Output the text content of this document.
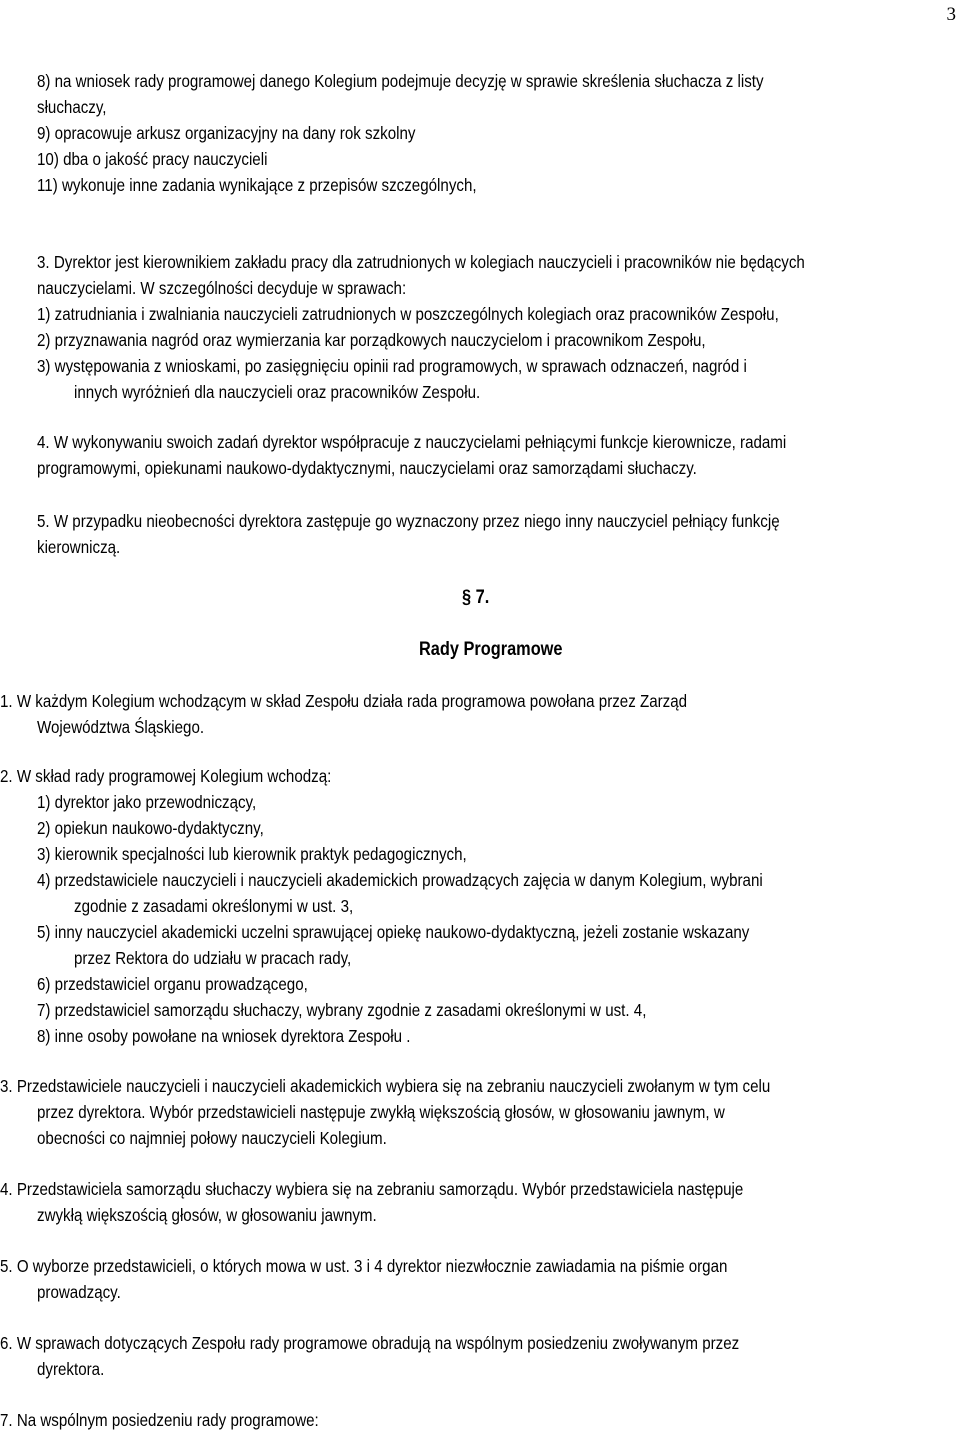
3
8) na wniosek rady programowej danego Kolegium podejmuje decyzję w sprawie skreślenia słuchacza z listy
słuchaczy,
9) opracowuje arkusz organizacyjny na dany rok szkolny
10) dba o jakość pracy nauczycieli
11) wykonuje inne zadania wynikające z przepisów szczególnych,
3. Dyrektor jest kierownikiem zakładu pracy dla zatrudnionych w kolegiach nauczycieli i pracowników nie będących
nauczycielami. W szczególności decyduje w sprawach:
1) zatrudniania i zwalniania nauczycieli zatrudnionych w poszczególnych kolegiach oraz pracowników Zespołu,
2) przyznawania nagród oraz wymierzania kar porządkowych nauczycielom i pracownikom Zespołu,
3) występowania z wnioskami, po zasięgnięciu opinii rad programowych, w sprawach odznaczeń, nagród i
innych wyróżnień dla nauczycieli oraz pracowników Zespołu.
4. W wykonywaniu swoich zadań dyrektor współpracuje z nauczycielami pełniącymi funkcje kierownicze, radami
programowymi, opiekunami naukowo-dydaktycznymi, nauczycielami oraz samorządami słuchaczy.
5. W przypadku nieobecności dyrektora zastępuje go wyznaczony przez niego inny nauczyciel pełniący funkcję
kierowniczą.
§ 7.
Rady Programowe
1. W każdym Kolegium wchodzącym w skład Zespołu działa rada programowa powołana przez Zarząd
Województwa Śląskiego.
2. W skład rady programowej Kolegium wchodzą:
1) dyrektor jako przewodniczący,
2) opiekun naukowo-dydaktyczny,
3) kierownik specjalności lub kierownik praktyk pedagogicznych,
4) przedstawiciele nauczycieli i nauczycieli akademickich prowadzących zajęcia w danym Kolegium, wybrani
zgodnie z zasadami określonymi w ust. 3,
5) inny nauczyciel akademicki uczelni sprawującej opiekę naukowo-dydaktyczną, jeżeli zostanie wskazany
przez Rektora do udziału w pracach rady,
6) przedstawiciel organu prowadzącego,
7) przedstawiciel samorządu słuchaczy, wybrany zgodnie z zasadami określonymi w ust. 4,
8) inne osoby powołane na wniosek dyrektora Zespołu .
3. Przedstawiciele nauczycieli i nauczycieli akademickich wybiera się na zebraniu nauczycieli zwołanym w tym celu
przez dyrektora. Wybór przedstawicieli następuje zwykłą większością głosów, w głosowaniu jawnym, w
obecności co najmniej połowy nauczycieli Kolegium.
4. Przedstawiciela samorządu słuchaczy wybiera się na zebraniu samorządu. Wybór przedstawiciela następuje
zwykłą większością głosów, w głosowaniu jawnym.
5. O wyborze przedstawicieli, o których mowa w ust. 3 i 4 dyrektor niezwłocznie zawiadamia na piśmie organ
prowadzący.
6. W sprawach dotyczących Zespołu rady programowe obradują na wspólnym posiedzeniu zwoływanym przez
dyrektora.
7. Na wspólnym posiedzeniu rady programowe:
